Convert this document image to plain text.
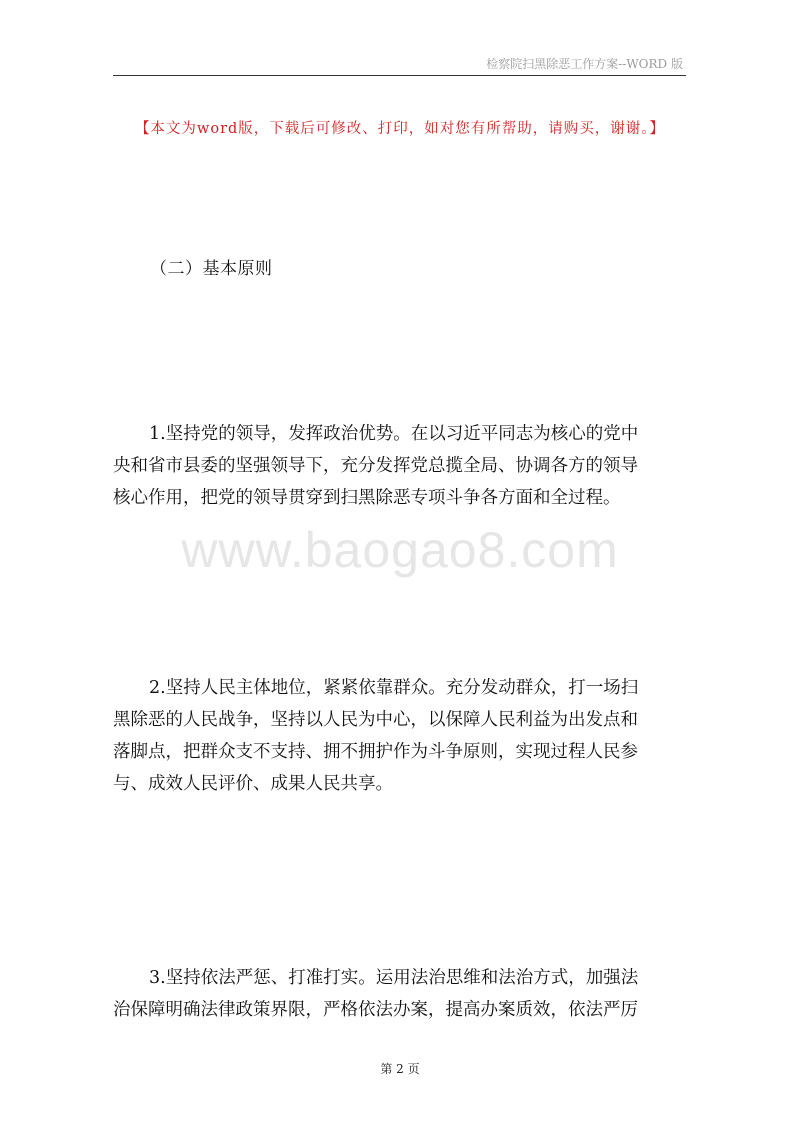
检察院扫黑除恶工作方案--WORD 版
【本文为word版，下载后可修改、打印，如对您有所帮助，请购买，谢谢。】
（二）基本原则
1.坚持党的领导，发挥政治优势。在以习近平同志为核心的党中
央和省市县委的坚强领导下，充分发挥党总揽全局、协调各方的领导
核心作用，把党的领导贯穿到扫黑除恶专项斗争各方面和全过程。
www.baogao8.com
2.坚持人民主体地位，紧紧依靠群众。充分发动群众，打一场扫
黑除恶的人民战争，坚持以人民为中心，以保障人民利益为出发点和
落脚点，把群众支不支持、拥不拥护作为斗争原则，实现过程人民参
与、成效人民评价、成果人民共享。
3.坚持依法严惩、打准打实。运用法治思维和法治方式，加强法
治保障明确法律政策界限，严格依法办案，提高办案质效，依法严厉
第 2 页
